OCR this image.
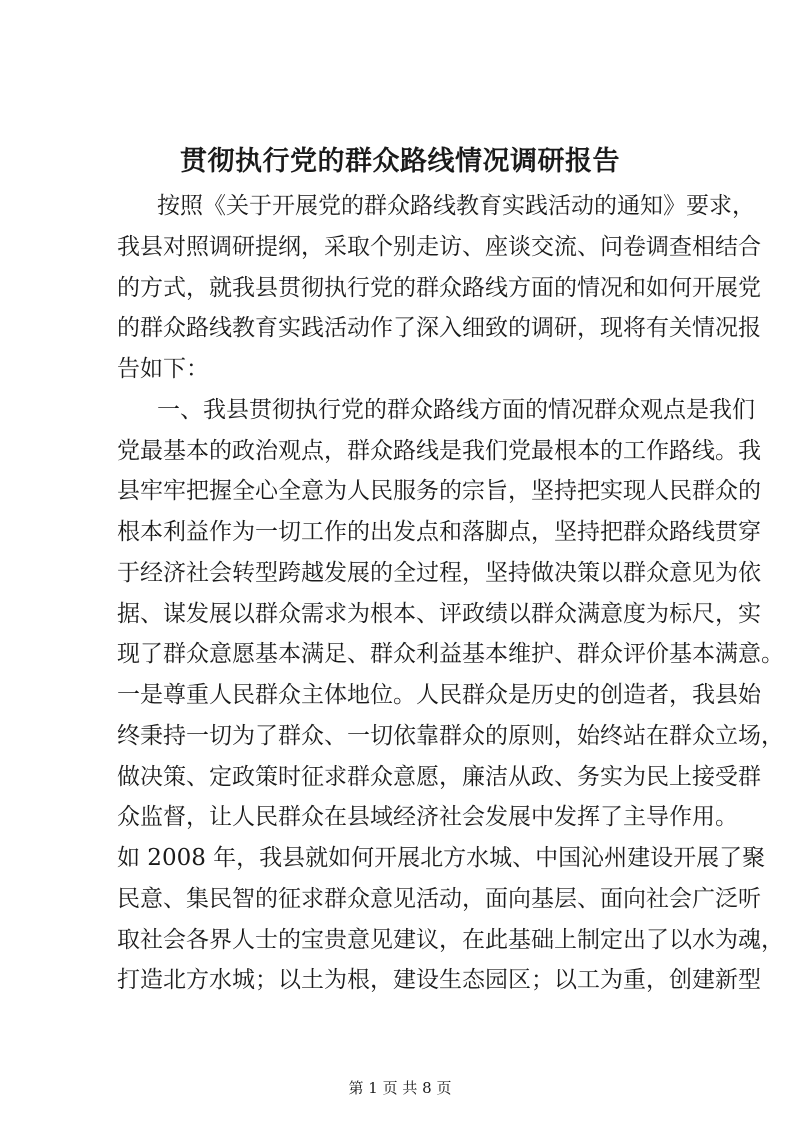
贯彻执行党的群众路线情况调研报告
按照《关于开展党的群众路线教育实践活动的通知》要求，
我县对照调研提纲，采取个别走访、座谈交流、问卷调查相结合
的方式，就我县贯彻执行党的群众路线方面的情况和如何开展党
的群众路线教育实践活动作了深入细致的调研，现将有关情况报
告如下：
一、我县贯彻执行党的群众路线方面的情况群众观点是我们
党最基本的政治观点，群众路线是我们党最根本的工作路线。我
县牢牢把握全心全意为人民服务的宗旨，坚持把实现人民群众的
根本利益作为一切工作的出发点和落脚点，坚持把群众路线贯穿
于经济社会转型跨越发展的全过程，坚持做决策以群众意见为依
据、谋发展以群众需求为根本、评政绩以群众满意度为标尺，实
现了群众意愿基本满足、群众利益基本维护、群众评价基本满意。
一是尊重人民群众主体地位。人民群众是历史的创造者，我县始
终秉持一切为了群众、一切依靠群众的原则，始终站在群众立场，
做决策、定政策时征求群众意愿，廉洁从政、务实为民上接受群
众监督，让人民群众在县域经济社会发展中发挥了主导作用。
如 2008 年，我县就如何开展北方水城、中国沁州建设开展了聚
民意、集民智的征求群众意见活动，面向基层、面向社会广泛听
取社会各界人士的宝贵意见建议，在此基础上制定出了以水为魂，
打造北方水城；以土为根，建设生态园区；以工为重，创建新型
第 1 页 共 8 页
